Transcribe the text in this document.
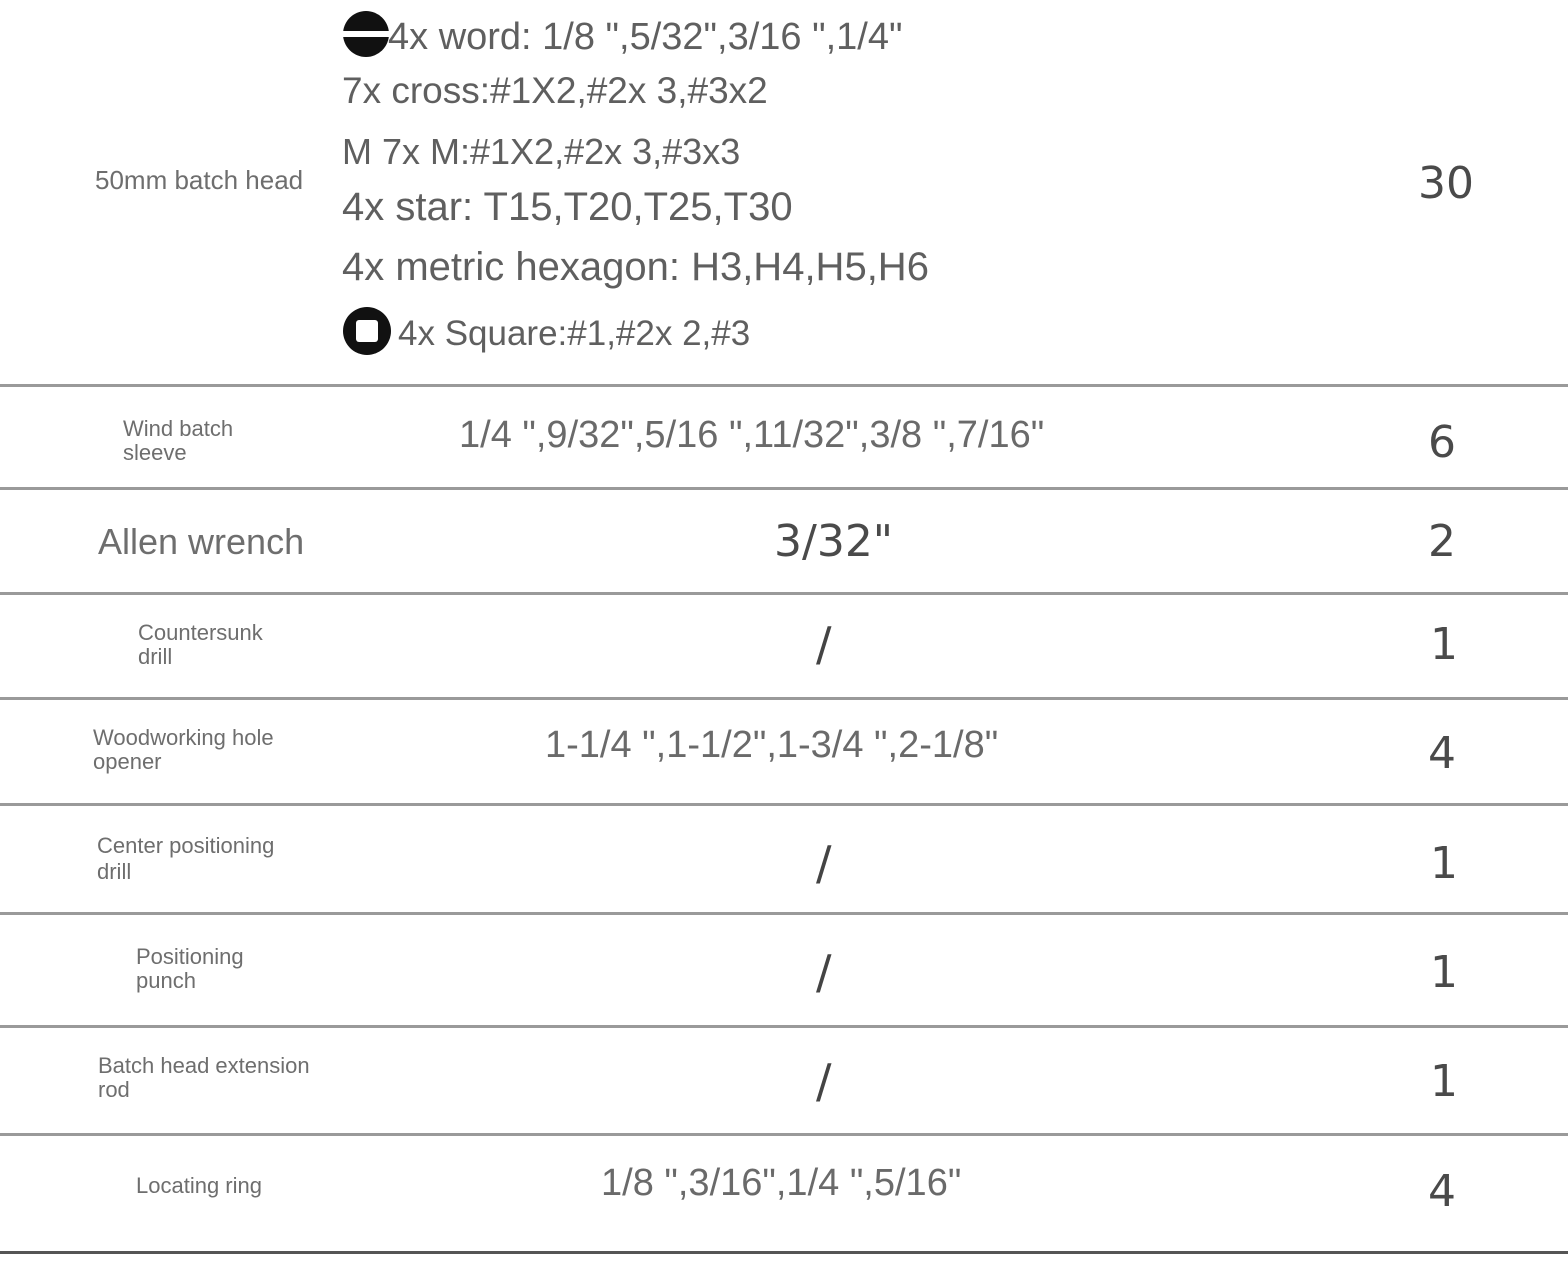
50mm batch head
4x word: 1/8 ",5/32",3/16 ",1/4"
7x cross:#1X2,#2x 3,#3x2
M 7x M:#1X2,#2x 3,#3x3
4x star: T15,T20,T25,T30
4x metric hexagon: H3,H4,H5,H6
4x Square:#1,#2x 2,#3
30
Wind batch
sleeve	1/4 ",9/32",5/16 ",11/32",3/8 ",7/16"	6
Allen wrench	3/32"	2
Countersunk
drill	/	1
Woodworking hole
opener	1-1/4 ",1-1/2",1-3/4 ",2-1/8"	4
Center positioning
drill	/	1
Positioning
punch	/	1
Batch head extension
rod	/	1
Locating ring	1/8 ",3/16",1/4 ",5/16"	4
